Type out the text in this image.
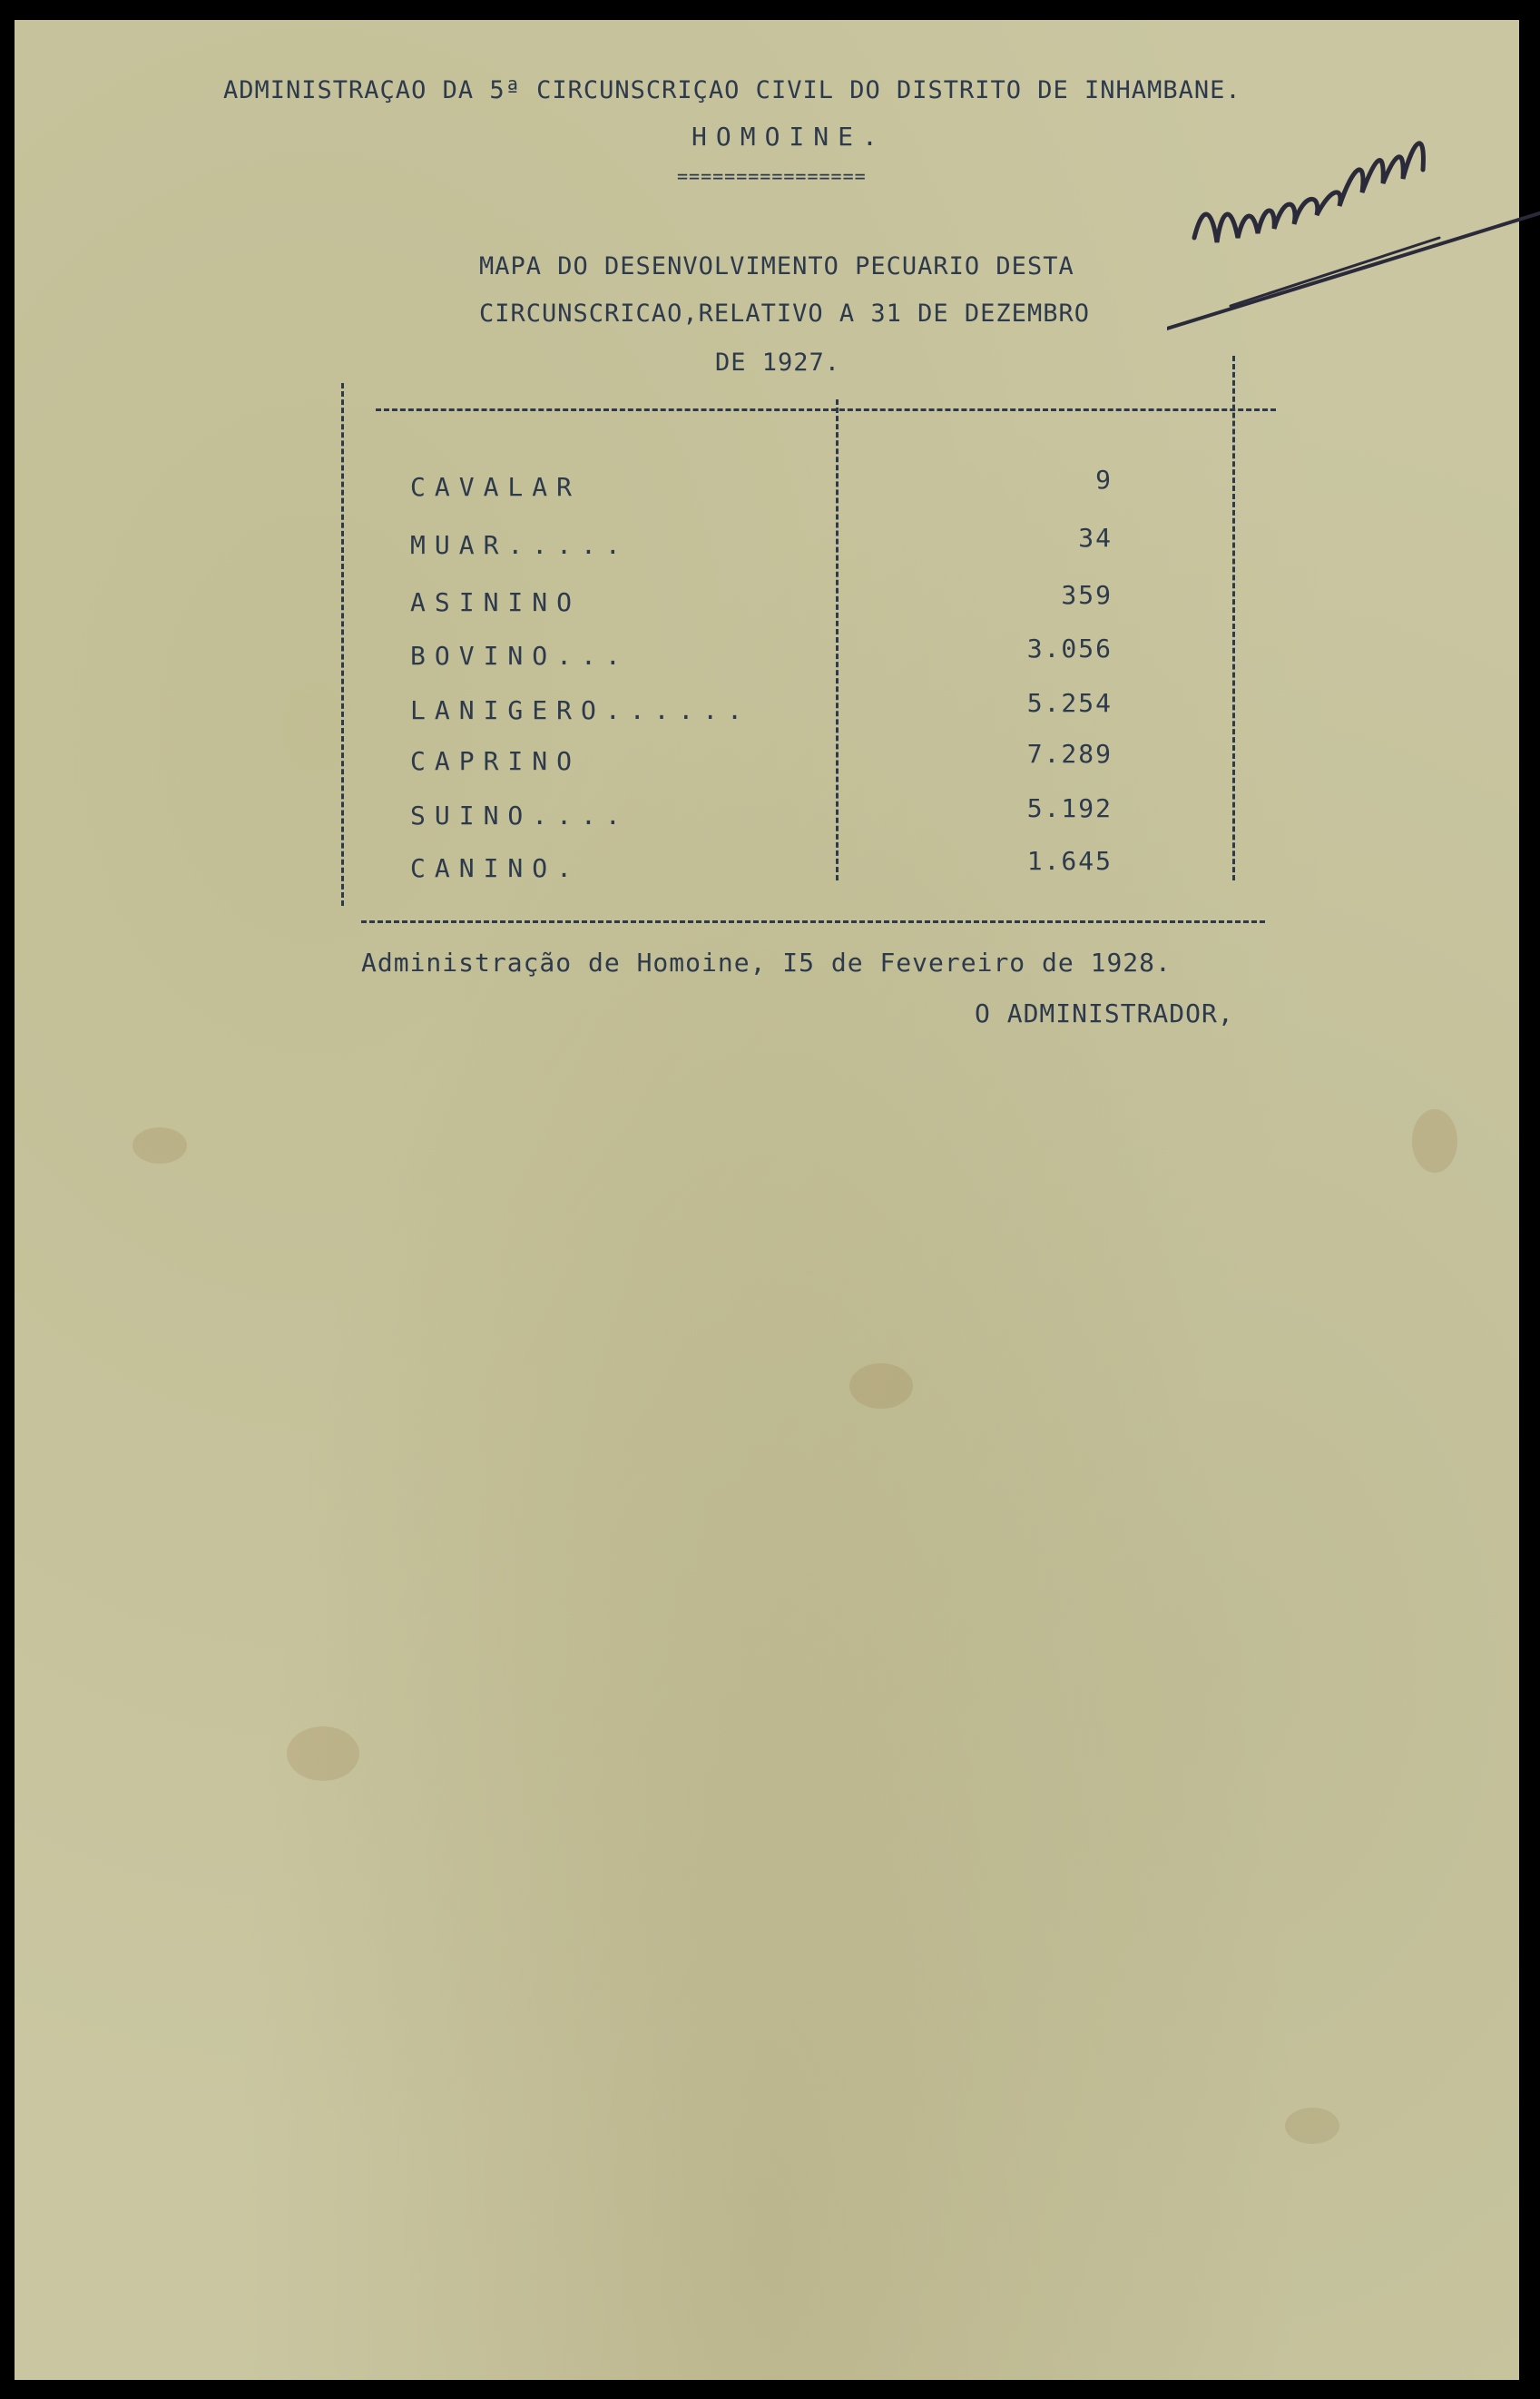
ADMINISTRAÇAO DA 5ª CIRCUNSCRIÇAO CIVIL DO DISTRITO DE INHAMBANE.
HOMOINE.
================
MAPA DO DESENVOLVIMENTO PECUARIO DESTA
CIRCUNSCRICAO,RELATIVO A 31 DE DEZEMBRO
DE 1927.
CAVALAR	9
MUAR.....	34
ASININO	359
BOVINO...	3.056
LANIGERO......	5.254
CAPRINO	7.289
SUINO....	5.192
CANINO.	1.645
Administração de Homoine, I5 de Fevereiro de 1928.
O ADMINISTRADOR,
